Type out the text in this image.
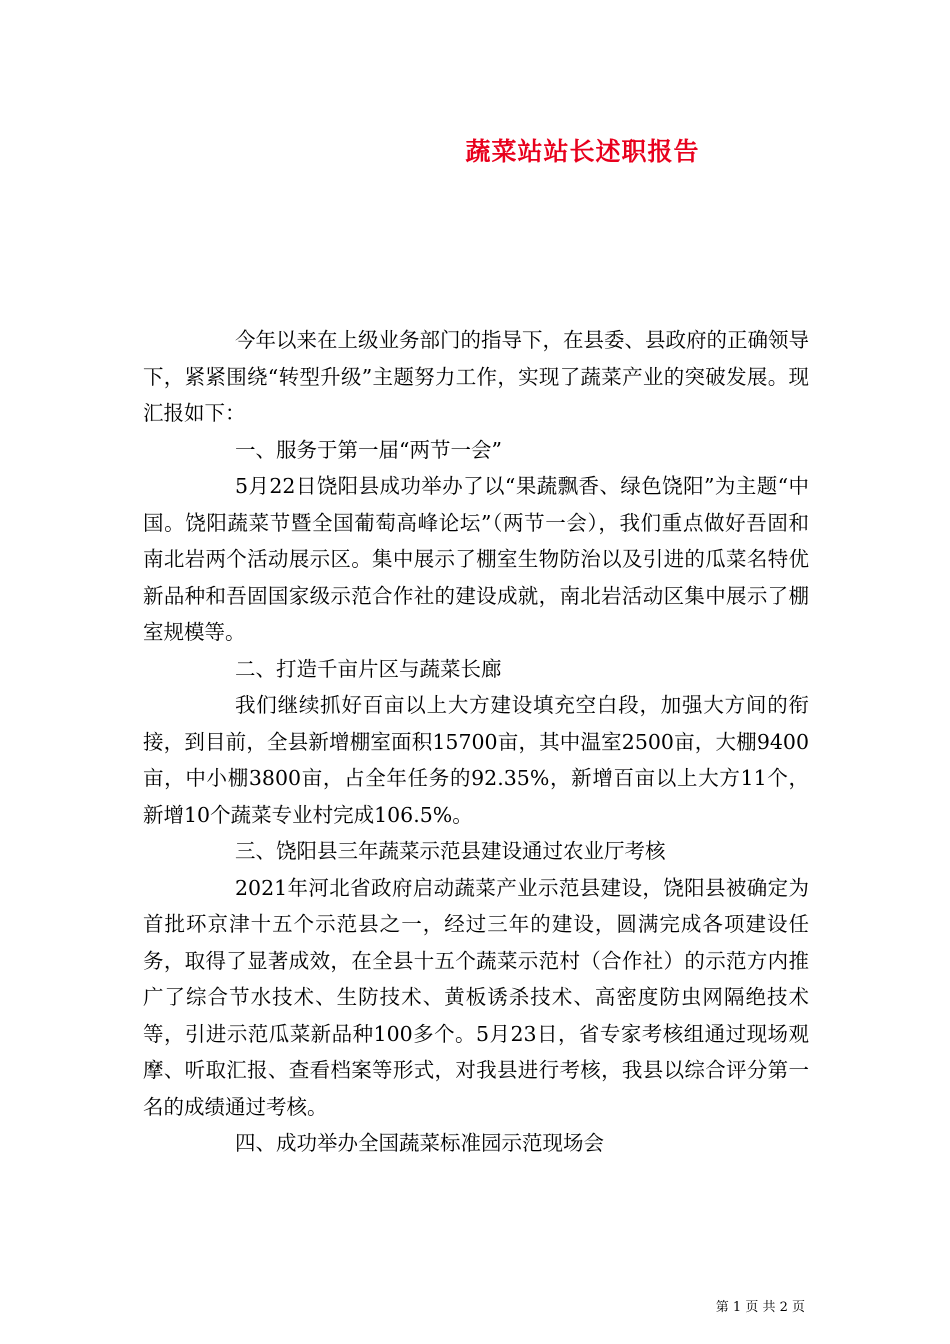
蔬菜站站长述职报告

今年以来在上级业务部门的指导下，在县委、县政府的正确领导下，紧紧围绕“转型升级”主题努力工作，实现了蔬菜产业的突破发展。现汇报如下：

一、服务于第一届“两节一会”

5月22日饶阳县成功举办了以“果蔬飘香、绿色饶阳”为主题“中国。饶阳蔬菜节暨全国葡萄高峰论坛”（两节一会），我们重点做好吾固和南北岩两个活动展示区。集中展示了棚室生物防治以及引进的瓜菜名特优新品种和吾固国家级示范合作社的建设成就，南北岩活动区集中展示了棚室规模等。

二、打造千亩片区与蔬菜长廊

我们继续抓好百亩以上大方建设填充空白段，加强大方间的衔接，到目前，全县新增棚室面积15700亩，其中温室2500亩，大棚9400亩，中小棚3800亩，占全年任务的92.35%，新增百亩以上大方11个，新增10个蔬菜专业村完成106.5%。

三、饶阳县三年蔬菜示范县建设通过农业厅考核

2021年河北省政府启动蔬菜产业示范县建设，饶阳县被确定为首批环京津十五个示范县之一，经过三年的建设，圆满完成各项建设任务，取得了显著成效，在全县十五个蔬菜示范村（合作社）的示范方内推广了综合节水技术、生防技术、黄板诱杀技术、高密度防虫网隔绝技术等，引进示范瓜菜新品种100多个。5月23日，省专家考核组通过现场观摩、听取汇报、查看档案等形式，对我县进行考核，我县以综合评分第一名的成绩通过考核。

四、成功举办全国蔬菜标准园示范现场会

第 1 页 共 2 页
